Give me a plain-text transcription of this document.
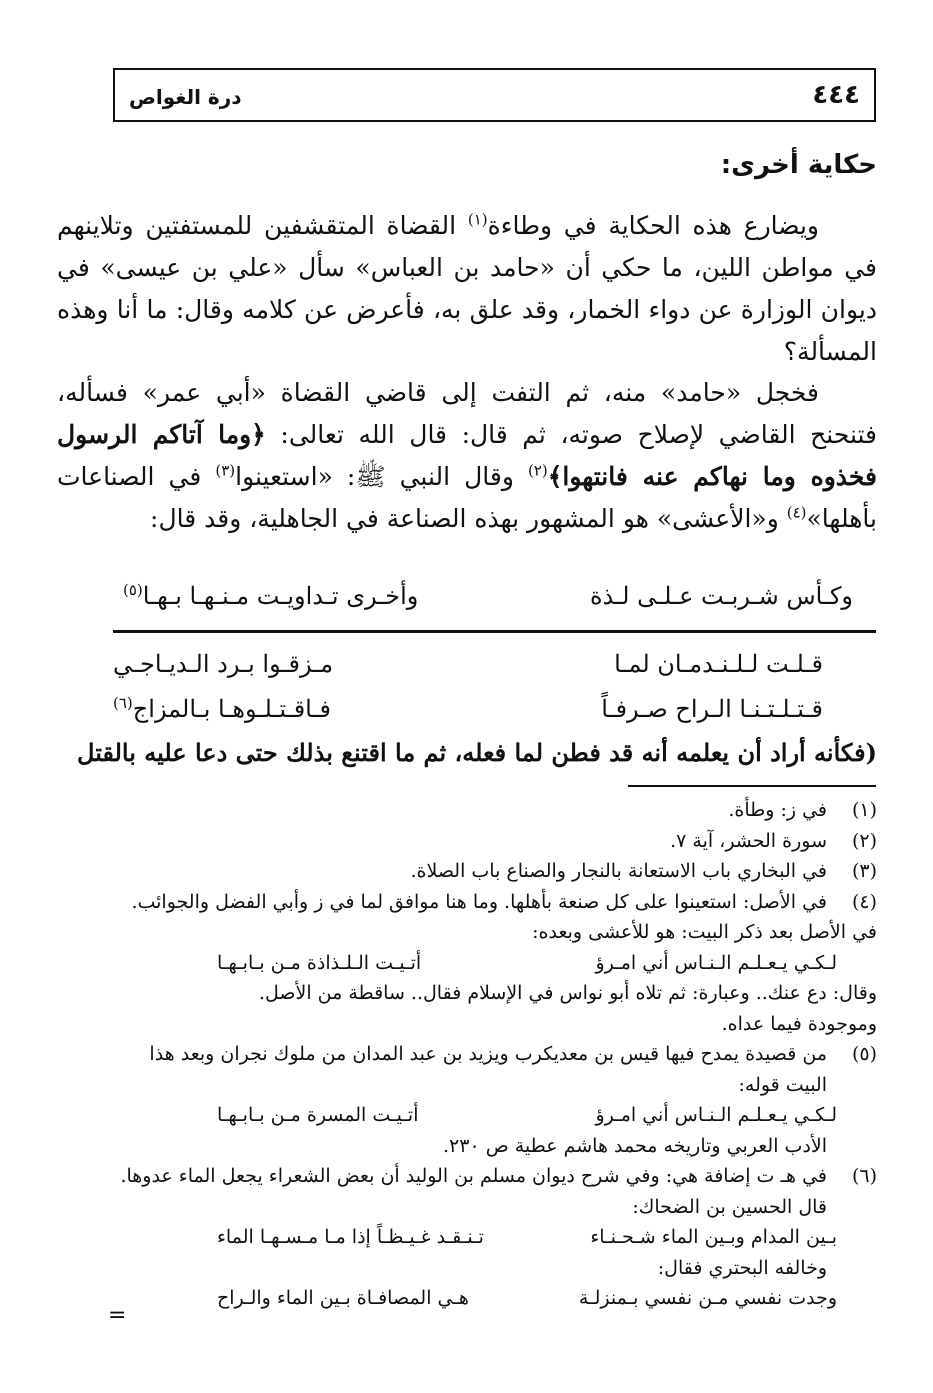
٤٤٤
درة الغواص
حكاية أخرى:
ويضارع هذه الحكاية في وطاءة$^{(١)}$ القضاة المتقشفين للمستفتين وتلاينهم في مواطن اللين، ما حكي أن «حامد بن العباس» سأل «علي بن عيسى» في ديوان الوزارة عن دواء الخمار، وقد علق به، فأعرض عن كلامه وقال: ما أنا وهذه المسألة؟
فخجل «حامد» منه، ثم التفت إلى قاضي القضاة «أبي عمر» فسأله، فتنحنح القاضي لإصلاح صوته، ثم قال: قال الله تعالى: ﴿وما آتاكم الرسول فخذوه وما نهاكم عنه فانتهوا﴾$^{(٢)}$ وقال النبي ﷺ: «استعينوا$^{(٣)}$ في الصناعات بأهلها»$^{(٤)}$ و«الأعشى» هو المشهور بهذه الصناعة في الجاهلية، وقد قال:
وكـأس شـربـت عـلـى لـذة
وأخـرى تـداويـت مـنـهـا بـهـا$^{(٥)}$
قـلـت لـلـنـدمـان لمـا
مـزقـوا بـرد الـديـاجـي
قـتـلـتـنـا الـراح صـرفـاً
فـاقـتـلـوهـا بـالمزاج$^{(٦)}$
(فكأنه أراد أن يعلمه أنه قد فطن لما فعله، ثم ما اقتنع بذلك حتى دعا عليه بالقتل
(١)
في ز: وطأة.
(٢)
سورة الحشر، آية ٧.
(٣)
في البخاري باب الاستعانة بالنجار والصناع باب الصلاة.
(٤)
في الأصل: استعينوا على كل صنعة بأهلها. وما هنا موافق لما في ز وأبي الفضل والجوائب.
في الأصل بعد ذكر البيت: هو للأعشى وبعده:
لـكـي يـعـلـم الـنـاس أني امـرؤ
أتـيـت الـلـذاذة مـن بـابـهـا
وقال: دع عنك.. وعبارة: ثم تلاه أبو نواس في الإسلام فقال.. ساقطة من الأصل.
وموجودة فيما عداه.
(٥)
من قصيدة يمدح فيها قيس بن معديكرب ويزيد بن عبد المدان من ملوك نجران وبعد هذا
البيت قوله:
لـكـي يـعـلـم الـنـاس أني امـرؤ
أتـيـت المسرة مـن بـابـهـا
الأدب العربي وتاريخه محمد هاشم عطية ص ٢٣٠.
(٦)
في هـ ت إضافة هي: وفي شرح ديوان مسلم بن الوليد أن بعض الشعراء يجعل الماء عدوها.
قال الحسين بن الضحاك:
بـين المدام وبـين الماء شـحـنـاء
تـنـقـد غـيـظـاً إذا مـا مـسـهـا الماء
وخالفه البحتري فقال:
وجدت نفسي مـن نفسي بـمنزلـة
هـي المصافـاة بـين الماء والـراح
=
